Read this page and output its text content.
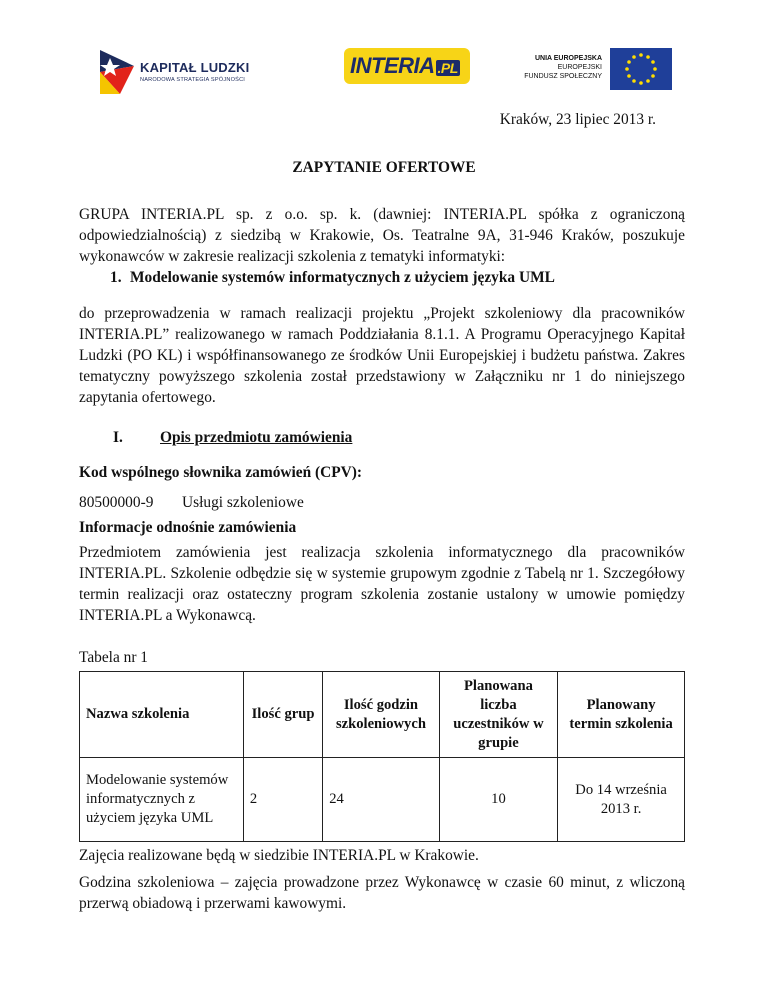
KAPITAŁ LUDZKI
NARODOWA STRATEGIA SPÓJNOŚCI
INTERIA .PL
UNIA EUROPEJSKA
EUROPEJSKI
FUNDUSZ SPOŁECZNY
Kraków, 23 lipiec 2013 r.
ZAPYTANIE OFERTOWE
GRUPA INTERIA.PL sp. z o.o. sp. k. (dawniej: INTERIA.PL spółka z ograniczoną odpowiedzialnością) z siedzibą w Krakowie, Os. Teatralne 9A, 31-946 Kraków, poszukuje wykonawców w zakresie realizacji szkolenia z tematyki informatyki:
1. Modelowanie systemów informatycznych z użyciem języka UML
do przeprowadzenia w ramach realizacji projektu „Projekt szkoleniowy dla pracowników INTERIA.PL” realizowanego w ramach Poddziałania 8.1.1. A Programu Operacyjnego Kapitał Ludzki (PO KL) i współfinansowanego ze środków Unii Europejskiej i budżetu państwa. Zakres tematyczny powyższego szkolenia został przedstawiony w Załączniku nr 1 do niniejszego zapytania ofertowego.
I. Opis przedmiotu zamówienia
Kod wspólnego słownika zamówień (CPV):
80500000-9 Usługi szkoleniowe
Informacje odnośnie zamówienia
Przedmiotem zamówienia jest realizacja szkolenia informatycznego dla pracowników INTERIA.PL. Szkolenie odbędzie się w systemie grupowym zgodnie z Tabelą nr 1. Szczegółowy termin realizacji oraz ostateczny program szkolenia zostanie ustalony w umowie pomiędzy INTERIA.PL a Wykonawcą.
Tabela nr 1
Nazwa szkolenia	Ilość grup	Ilość godzin szkoleniowych	Planowana liczba uczestników w grupie	Planowany termin szkolenia
Modelowanie systemów informatycznych z użyciem języka UML	2	24	10	Do 14 września 2013 r.
Zajęcia realizowane będą w siedzibie INTERIA.PL w Krakowie.
Godzina szkoleniowa – zajęcia prowadzone przez Wykonawcę w czasie 60 minut, z wliczoną przerwą obiadową i przerwami kawowymi.
